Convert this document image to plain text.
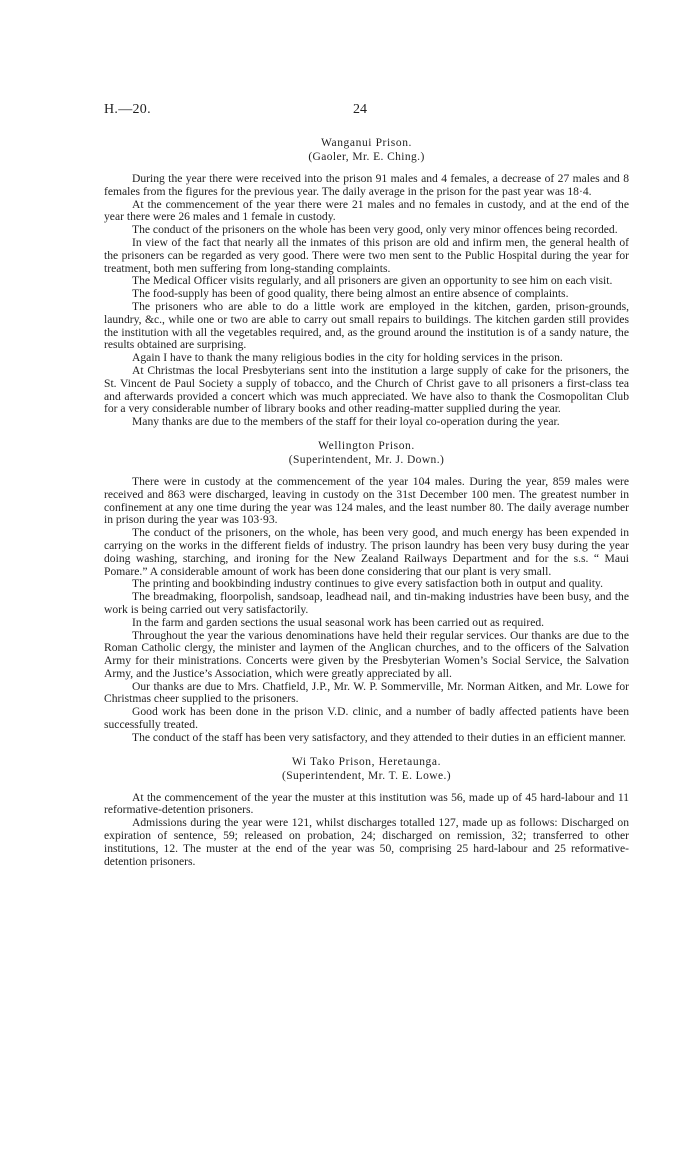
H.—20.	24
Wanganui Prison.
(Gaoler, Mr. E. Ching.)

During the year there were received into the prison 91 males and 4 females, a decrease of 27 males and 8 females from the figures for the previous year. The daily average in the prison for the past year was 18·4.

At the commencement of the year there were 21 males and no females in custody, and at the end of the year there were 26 males and 1 female in custody.

The conduct of the prisoners on the whole has been very good, only very minor offences being recorded.

In view of the fact that nearly all the inmates of this prison are old and infirm men, the general health of the prisoners can be regarded as very good. There were two men sent to the Public Hospital during the year for treatment, both men suffering from long-standing complaints.

The Medical Officer visits regularly, and all prisoners are given an opportunity to see him on each visit.

The food-supply has been of good quality, there being almost an entire absence of complaints.

The prisoners who are able to do a little work are employed in the kitchen, garden, prison-grounds, laundry, &c., while one or two are able to carry out small repairs to buildings. The kitchen garden still provides the institution with all the vegetables required, and, as the ground around the institution is of a sandy nature, the results obtained are surprising.

Again I have to thank the many religious bodies in the city for holding services in the prison.

At Christmas the local Presbyterians sent into the institution a large supply of cake for the prisoners, the St. Vincent de Paul Society a supply of tobacco, and the Church of Christ gave to all prisoners a first-class tea and afterwards provided a concert which was much appreciated. We have also to thank the Cosmopolitan Club for a very considerable number of library books and other reading-matter supplied during the year.

Many thanks are due to the members of the staff for their loyal co-operation during the year.

Wellington Prison.
(Superintendent, Mr. J. Down.)

There were in custody at the commencement of the year 104 males. During the year, 859 males were received and 863 were discharged, leaving in custody on the 31st December 100 men. The greatest number in confinement at any one time during the year was 124 males, and the least number 80. The daily average number in prison during the year was 103·93.

The conduct of the prisoners, on the whole, has been very good, and much energy has been expended in carrying on the works in the different fields of industry. The prison laundry has been very busy during the year doing washing, starching, and ironing for the New Zealand Railways Department and for the s.s. “ Maui Pomare.” A considerable amount of work has been done considering that our plant is very small.

The printing and bookbinding industry continues to give every satisfaction both in output and quality.

The breadmaking, floorpolish, sandsoap, leadhead nail, and tin-making industries have been busy, and the work is being carried out very satisfactorily.

In the farm and garden sections the usual seasonal work has been carried out as required.

Throughout the year the various denominations have held their regular services. Our thanks are due to the Roman Catholic clergy, the minister and laymen of the Anglican churches, and to the officers of the Salvation Army for their ministrations. Concerts were given by the Presbyterian Women’s Social Service, the Salvation Army, and the Justice’s Association, which were greatly appreciated by all.

Our thanks are due to Mrs. Chatfield, J.P., Mr. W. P. Sommerville, Mr. Norman Aitken, and Mr. Lowe for Christmas cheer supplied to the prisoners.

Good work has been done in the prison V.D. clinic, and a number of badly affected patients have been successfully treated.

The conduct of the staff has been very satisfactory, and they attended to their duties in an efficient manner.

Wi Tako Prison, Heretaunga.
(Superintendent, Mr. T. E. Lowe.)

At the commencement of the year the muster at this institution was 56, made up of 45 hard-labour and 11 reformative-detention prisoners.

Admissions during the year were 121, whilst discharges totalled 127, made up as follows: Discharged on expiration of sentence, 59; released on probation, 24; discharged on remission, 32; transferred to other institutions, 12. The muster at the end of the year was 50, comprising 25 hard-labour and 25 reformative-detention prisoners.
